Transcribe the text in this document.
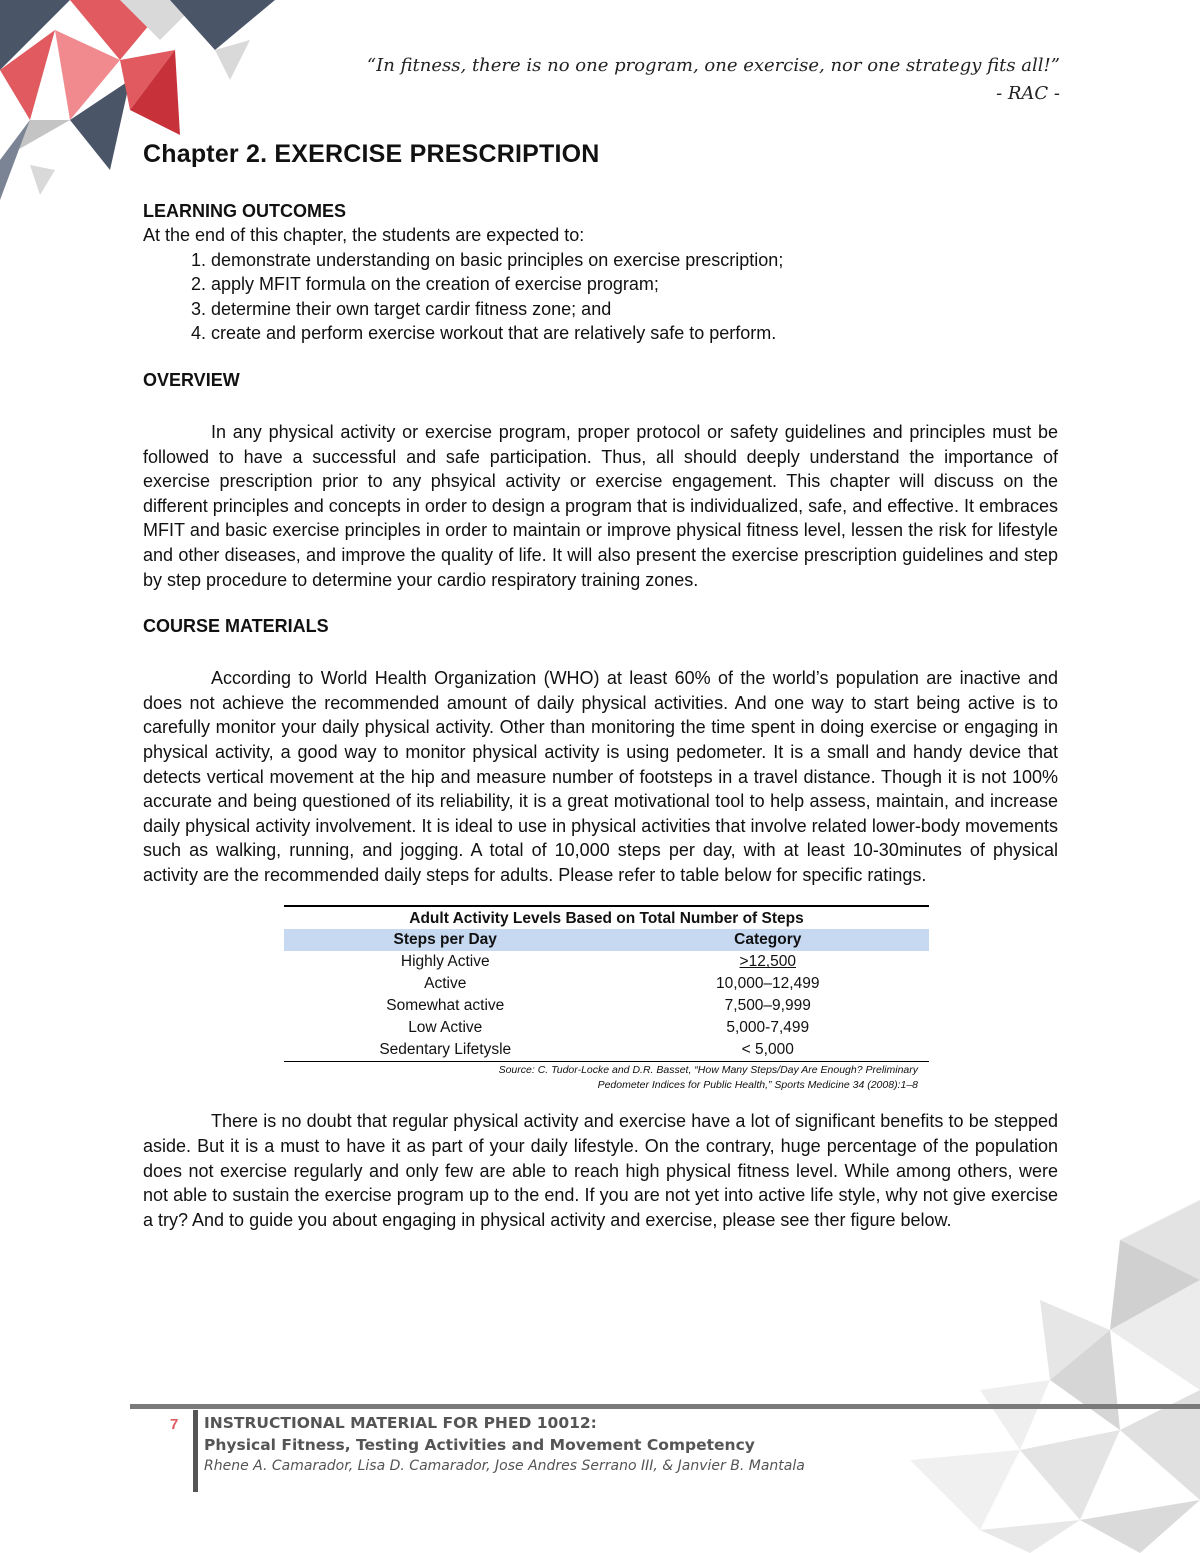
“In fitness, there is no one program, one exercise, nor one strategy fits all!”
- RAC -
Chapter 2. EXERCISE PRESCRIPTION
LEARNING OUTCOMES

At the end of this chapter, the students are expected to:

1. demonstrate understanding on basic principles on exercise prescription;
2. apply MFIT formula on the creation of exercise program;
3. determine their own target cardir fitness zone; and
4. create and perform exercise workout that are relatively safe to perform.
OVERVIEW

In any physical activity or exercise program, proper protocol or safety guidelines and principles must be followed to have a successful and safe participation. Thus, all should deeply understand the importance of exercise prescription prior to any phsyical activity or exercise engagement. This chapter will discuss on the different principles and concepts in order to design a program that is individualized, safe, and effective. It embraces MFIT and basic exercise principles in order to maintain or improve physical fitness level, lessen the risk for lifestyle and other diseases, and improve the quality of life. It will also present the exercise prescription guidelines and step by step procedure to determine your cardio respiratory training zones.

COURSE MATERIALS

According to World Health Organization (WHO) at least 60% of the world’s population are inactive and does not achieve the recommended amount of daily physical activities. And one way to start being active is to carefully monitor your daily physical activity. Other than monitoring the time spent in doing exercise or engaging in physical activity, a good way to monitor physical activity is using pedometer. It is a small and handy device that detects vertical movement at the hip and measure number of footsteps in a travel distance. Though it is not 100% accurate and being questioned of its reliability, it is a great motivational tool to help assess, maintain, and increase daily physical activity involvement. It is ideal to use in physical activities that involve related lower-body movements such as walking, running, and jogging. A total of 10,000 steps per day, with at least 10-30minutes of physical activity are the recommended daily steps for adults. Please refer to table below for specific ratings.

Adult Activity Levels Based on Total Number of Steps
Steps per Day	Category
Highly Active	>12,500
Active	10,000–12,499
Somewhat active	7,500–9,999
Low Active	5,000-7,499
Sedentary Lifetysle	< 5,000
Source: C. Tudor-Locke and D.R. Basset, “How Many Steps/Day Are Enough? Preliminary
Pedometer Indices for Public Health,” Sports Medicine 34 (2008):1–8

There is no doubt that regular physical activity and exercise have a lot of significant benefits to be stepped aside. But it is a must to have it as part of your daily lifestyle. On the contrary, huge percentage of the population does not exercise regularly and only few are able to reach high physical fitness level. While among others, were not able to sustain the exercise program up to the end. If you are not yet into active life style, why not give exercise a try? And to guide you about engaging in physical activity and exercise, please see ther figure below.

7 INSTRUCTIONAL MATERIAL FOR PHED 10012:
Physical Fitness, Testing Activities and Movement Competency
Rhene A. Camarador, Lisa D. Camarador, Jose Andres Serrano III, & Janvier B. Mantala
